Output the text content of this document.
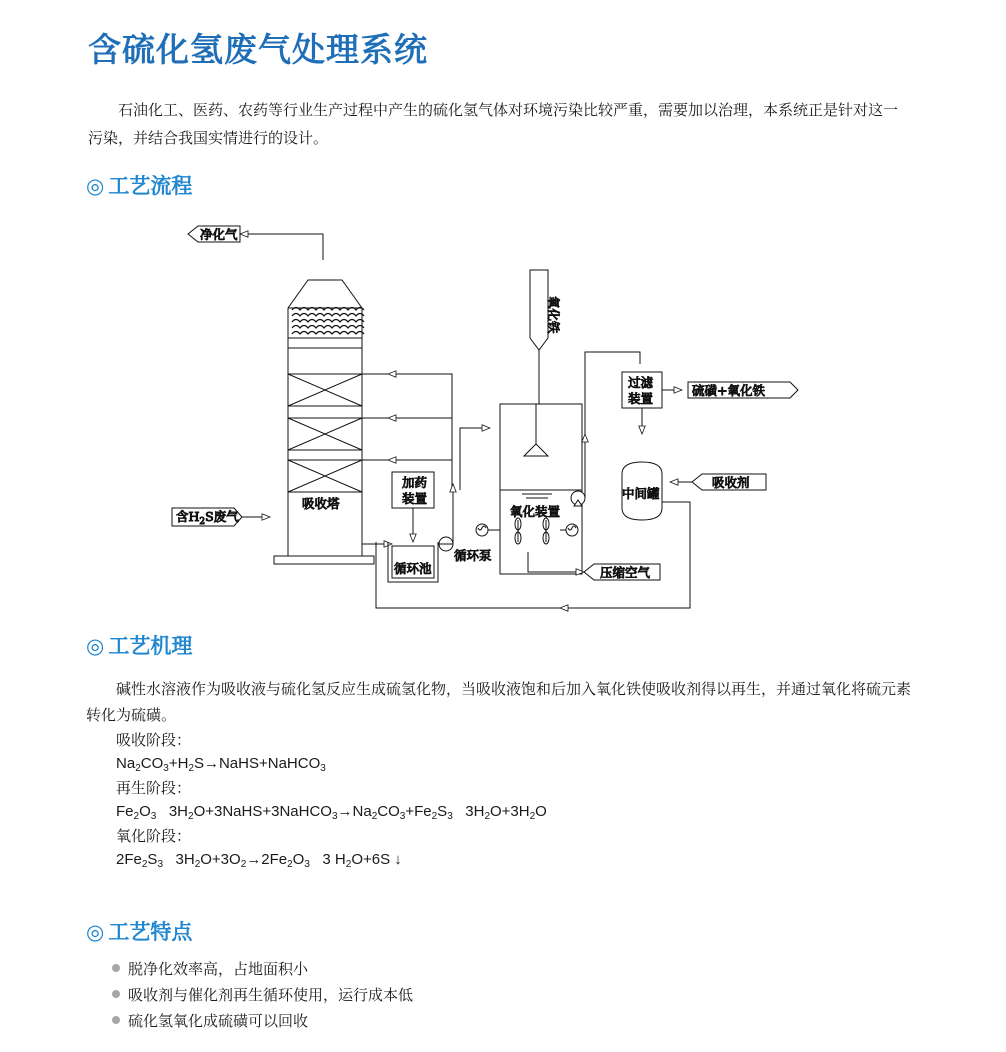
含硫化氢废气处理系统

石油化工、医药、农药等行业生产过程中产生的硫化氢气体对环境污染比较严重，需要加以治理，本系统正是针对这一污染，并结合我国实情进行的设计。

◎ 工艺流程
净化气
吸收塔
含$H_2S$废气
加药
装置
循环池
循环泵
氧化铁
氧化装置
压缩空气
过滤
装置
硫磺+氧化铁
中间罐
吸收剂
◎ 工艺机理

碱性水溶液作为吸收液与硫化氢反应生成硫氢化物，当吸收液饱和后加入氧化铁使吸收剂得以再生，并通过氧化将硫元素转化为硫磺。

吸收阶段：

$Na_2CO_3+H_2S\to NaHS+NaHCO_3$

再生阶段：

$Fe_2O_3$   $3H_2O+3NaHS+3NaHCO_3\to Na_2CO_3+Fe_2S_3$   $3H_2O+3H_2O$

氧化阶段：

$2Fe_2S_3$   $3H_2O+3O_2\to 2Fe_2O_3$   3 $H_2O+6S$ ↓

◎ 工艺特点
脱净化效率高，占地面积小
吸收剂与催化剂再生循环使用，运行成本低
硫化氢氧化成硫磺可以回收
